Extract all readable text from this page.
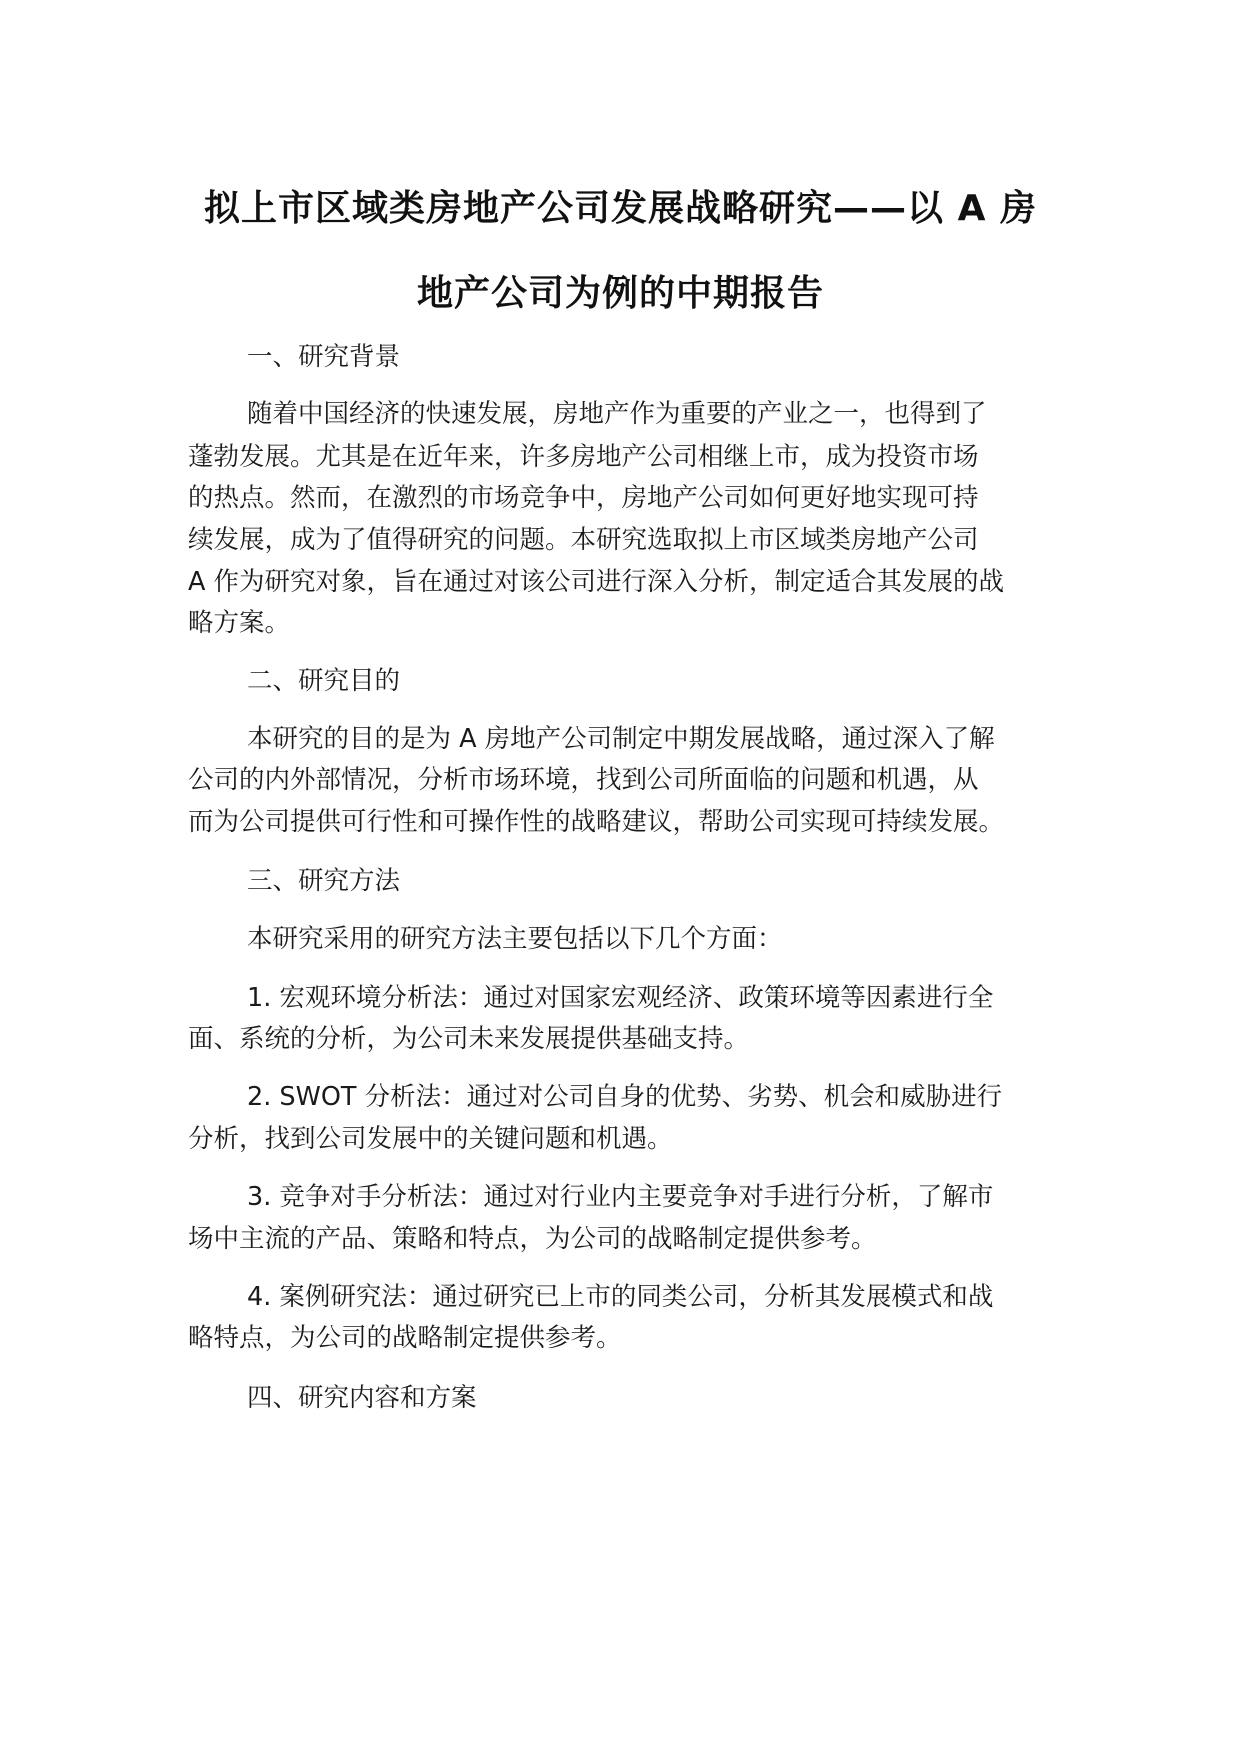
拟上市区域类房地产公司发展战略研究——以 A 房
地产公司为例的中期报告
一、研究背景
随着中国经济的快速发展，房地产作为重要的产业之一，也得到了
蓬勃发展。尤其是在近年来，许多房地产公司相继上市，成为投资市场
的热点。然而，在激烈的市场竞争中，房地产公司如何更好地实现可持
续发展，成为了值得研究的问题。本研究选取拟上市区域类房地产公司
A 作为研究对象，旨在通过对该公司进行深入分析，制定适合其发展的战
略方案。
二、研究目的
本研究的目的是为 A 房地产公司制定中期发展战略，通过深入了解
公司的内外部情况，分析市场环境，找到公司所面临的问题和机遇，从
而为公司提供可行性和可操作性的战略建议，帮助公司实现可持续发展。
三、研究方法
本研究采用的研究方法主要包括以下几个方面：
1. 宏观环境分析法：通过对国家宏观经济、政策环境等因素进行全
面、系统的分析，为公司未来发展提供基础支持。
2. SWOT 分析法：通过对公司自身的优势、劣势、机会和威胁进行
分析，找到公司发展中的关键问题和机遇。
3. 竞争对手分析法：通过对行业内主要竞争对手进行分析，了解市
场中主流的产品、策略和特点，为公司的战略制定提供参考。
4. 案例研究法：通过研究已上市的同类公司，分析其发展模式和战
略特点，为公司的战略制定提供参考。
四、研究内容和方案
